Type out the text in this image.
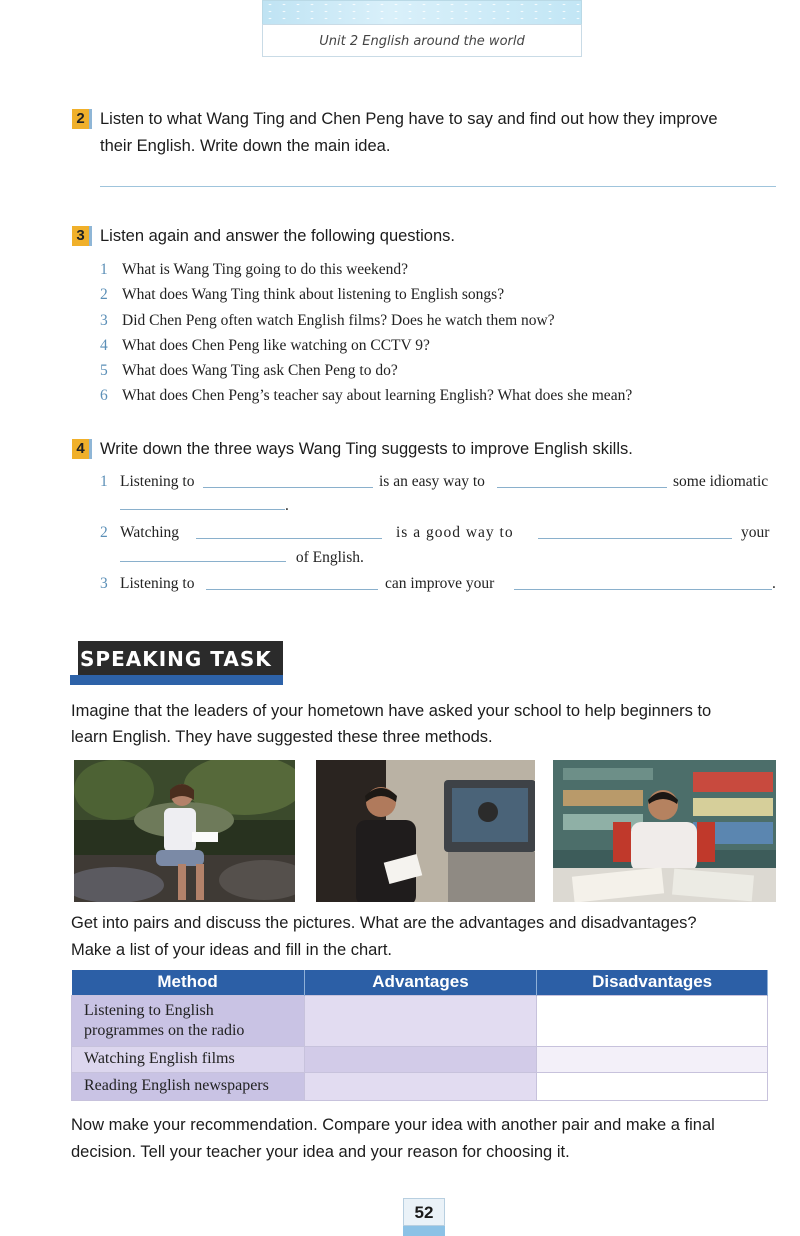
Unit 2 English around the world
2 Listen to what Wang Ting and Chen Peng have to say and find out how they improve
their English. Write down the main idea.
3 Listen again and answer the following questions.
1 What is Wang Ting going to do this weekend?
2 What does Wang Ting think about listening to English songs?
3 Did Chen Peng often watch English films? Does he watch them now?
4 What does Chen Peng like watching on CCTV 9?
5 What does Wang Ting ask Chen Peng to do?
6 What does Chen Peng’s teacher say about learning English? What does she mean?
4 Write down the three ways Wang Ting suggests to improve English skills.
1 Listening to	is an easy way to	some idiomatic
.
2 Watching	is a good way to	your
of English.
3 Listening to	can improve your	.
SPEAKING TASK
Imagine that the leaders of your hometown have asked your school to help beginners to
learn English. They have suggested these three methods.
Get into pairs and discuss the pictures. What are the advantages and disadvantages?
Make a list of your ideas and fill in the chart.
Method	Advantages	Disadvantages
Listening to English programmes on the radio		
Watching English films		
Reading English newspapers		
Now make your recommendation. Compare your idea with another pair and make a final
decision. Tell your teacher your idea and your reason for choosing it.
52
